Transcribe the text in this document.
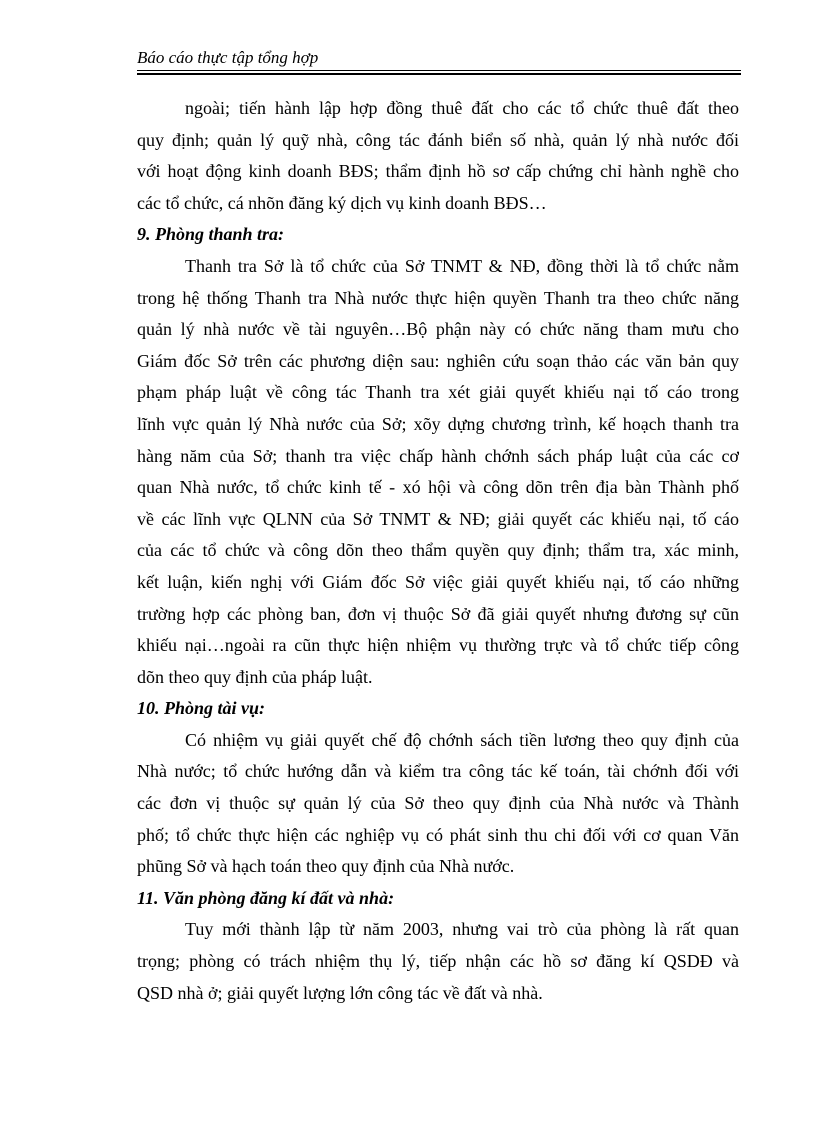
Báo cáo thực tập tổng hợp
ngoài; tiến hành lập hợp đồng thuê đất cho các tổ chức thuê đất theo
quy định; quản lý quỹ nhà, công tác đánh biển số nhà, quản lý nhà nước đối
với hoạt động kinh doanh BĐS; thẩm định hồ sơ cấp chứng chỉ hành nghề cho
các tổ chức, cá nhõn đăng ký dịch vụ kinh doanh BĐS…
9. Phòng thanh tra:
Thanh tra Sở là tổ chức của Sở TNMT & NĐ, đồng thời là tổ chức nằm
trong hệ thống Thanh tra Nhà nước thực hiện quyền Thanh tra theo chức năng
quản lý nhà nước về tài nguyên…Bộ phận này có chức năng tham mưu cho
Giám đốc Sở trên các phương diện sau: nghiên cứu soạn thảo các văn bản quy
phạm pháp luật về công tác Thanh tra xét giải quyết khiếu nại tố cáo trong
lĩnh vực quản lý Nhà nước của Sở; xõy dựng chương trình, kế hoạch thanh tra
hàng năm của Sở; thanh tra việc chấp hành chớnh sách pháp luật của các cơ
quan Nhà nước, tổ chức kinh tế - xó hội và công dõn trên địa bàn Thành phố
về các lĩnh vực QLNN của Sở TNMT & NĐ; giải quyết các khiếu nại, tố cáo
của các tổ chức và công dõn theo thẩm quyền quy định; thẩm tra, xác minh,
kết luận, kiến nghị với Giám đốc Sở việc giải quyết khiếu nại, tố cáo những
trường hợp các phòng ban, đơn vị thuộc Sở đã giải quyết nhưng đương sự cũn
khiếu nại…ngoài ra cũn thực hiện nhiệm vụ thường trực và tổ chức tiếp công
dõn theo quy định của pháp luật.
10. Phòng tài vụ:
Có nhiệm vụ giải quyết chế độ chớnh sách tiền lương theo quy định của
Nhà nước; tổ chức hướng dẫn và kiểm tra công tác kế toán, tài chớnh đối với
các đơn vị thuộc sự quản lý của Sở theo quy định của Nhà nước và Thành
phố; tổ chức thực hiện các nghiệp vụ có phát sinh thu chi đối với cơ quan Văn
phũng Sở và hạch toán theo quy định của Nhà nước.
11. Văn phòng đăng kí đất và nhà:
Tuy mới thành lập từ năm 2003, nhưng vai trò của phòng là rất quan
trọng; phòng có trách nhiệm thụ lý, tiếp nhận các hồ sơ đăng kí QSDĐ và
QSD nhà ở; giải quyết lượng lớn công tác về đất và nhà.
